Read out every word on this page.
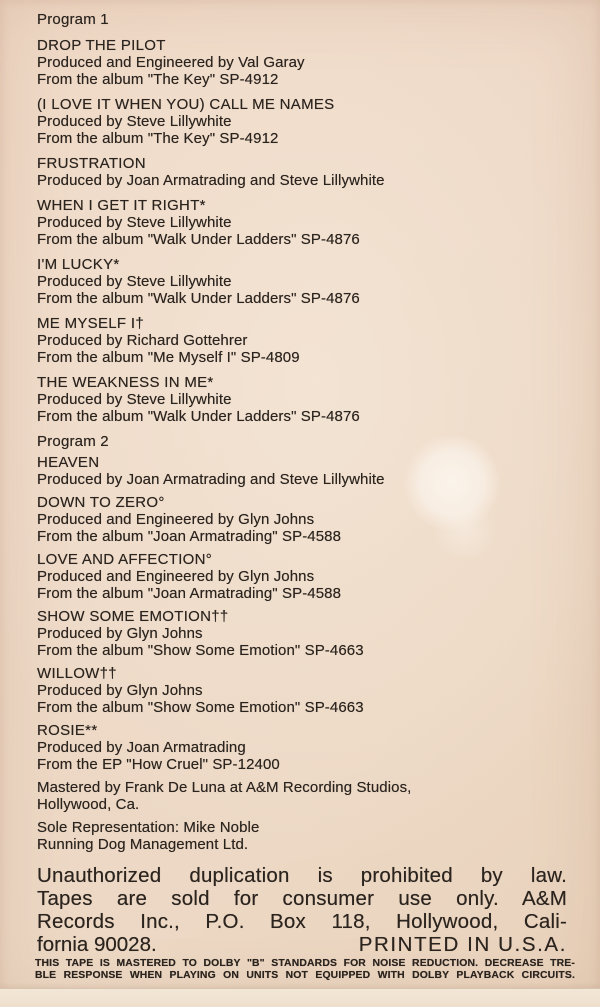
Program 1
DROP THE PILOT
Produced and Engineered by Val Garay
From the album "The Key" SP-4912
(I LOVE IT WHEN YOU) CALL ME NAMES
Produced by Steve Lillywhite
From the album "The Key" SP-4912
FRUSTRATION
Produced by Joan Armatrading and Steve Lillywhite
WHEN I GET IT RIGHT*
Produced by Steve Lillywhite
From the album "Walk Under Ladders" SP-4876
I'M LUCKY*
Produced by Steve Lillywhite
From the album "Walk Under Ladders" SP-4876
ME MYSELF I†
Produced by Richard Gottehrer
From the album "Me Myself I" SP-4809
THE WEAKNESS IN ME*
Produced by Steve Lillywhite
From the album "Walk Under Ladders" SP-4876
Program 2
HEAVEN
Produced by Joan Armatrading and Steve Lillywhite
DOWN TO ZERO°
Produced and Engineered by Glyn Johns
From the album "Joan Armatrading" SP-4588
LOVE AND AFFECTION°
Produced and Engineered by Glyn Johns
From the album "Joan Armatrading" SP-4588
SHOW SOME EMOTION††
Produced by Glyn Johns
From the album "Show Some Emotion" SP-4663
WILLOW††
Produced by Glyn Johns
From the album "Show Some Emotion" SP-4663
ROSIE**
Produced by Joan Armatrading
From the EP "How Cruel" SP-12400
Mastered by Frank De Luna at A&M Recording Studios,
Hollywood, Ca.
Sole Representation: Mike Noble
Running Dog Management Ltd.
Unauthorized duplication is prohibited by law.
Tapes are sold for consumer use only. A&M
Records Inc., P.O. Box 118, Hollywood, Cali-
fornia 90028.	PRINTED IN U.S.A.
THIS TAPE IS MASTERED TO DOLBY "B" STANDARDS FOR NOISE REDUCTION. DECREASE TRE-
BLE RESPONSE WHEN PLAYING ON UNITS NOT EQUIPPED WITH DOLBY PLAYBACK CIRCUITS.
